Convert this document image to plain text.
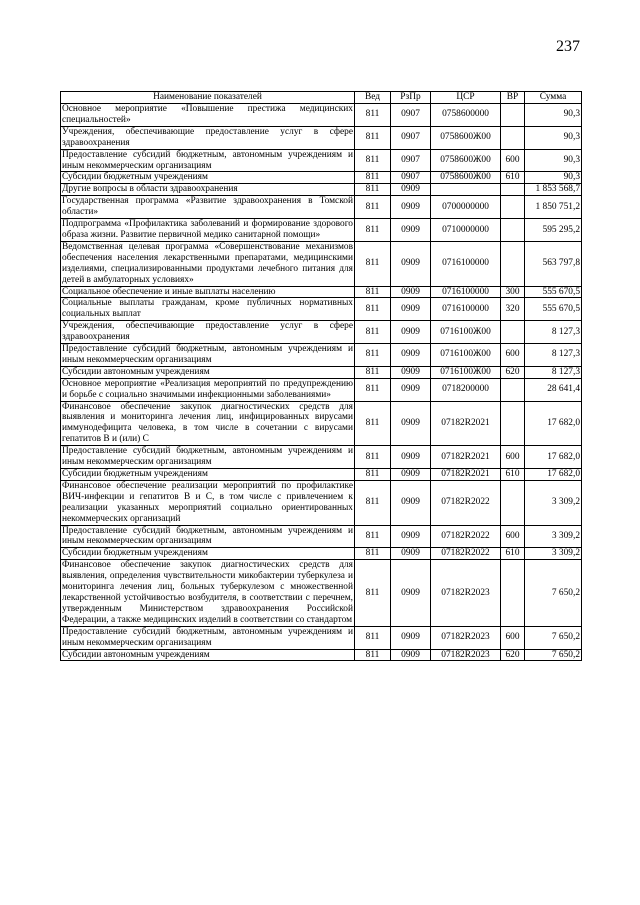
237
Наименование показателей	Вед	РзПр	ЦСР	ВР	Сумма
Основное мероприятие «Повышение престижа медицинских специальностей»	811	0907	0758600000		90,3
Учреждения, обеспечивающие предоставление услуг в сфере здравоохранения	811	0907	0758600Ж00		90,3
Предоставление субсидий бюджетным, автономным учреждениям и иным некоммерческим организациям	811	0907	0758600Ж00	600	90,3
Субсидии бюджетным учреждениям	811	0907	0758600Ж00	610	90,3
Другие вопросы в области здравоохранения	811	0909			1 853 568,7
Государственная программа «Развитие здравоохранения в Томской области»	811	0909	0700000000		1 850 751,2
Подпрограмма «Профилактика заболеваний и формирование здорового образа жизни. Развитие первичной медико санитарной помощи»	811	0909	0710000000		595 295,2
Ведомственная целевая программа «Совершенствование механизмов обеспечения населения лекарственными препаратами, медицинскими изделиями, специализированными продуктами лечебного питания для детей в амбулаторных условиях»	811	0909	0716100000		563 797,8
Социальное обеспечение и иные выплаты населению	811	0909	0716100000	300	555 670,5
Социальные выплаты гражданам, кроме публичных нормативных социальных выплат	811	0909	0716100000	320	555 670,5
Учреждения, обеспечивающие предоставление услуг в сфере здравоохранения	811	0909	0716100Ж00		8 127,3
Предоставление субсидий бюджетным, автономным учреждениям и иным некоммерческим организациям	811	0909	0716100Ж00	600	8 127,3
Субсидии автономным учреждениям	811	0909	0716100Ж00	620	8 127,3
Основное мероприятие «Реализация мероприятий по предупреждению и борьбе с социально значимыми инфекционными заболеваниями»	811	0909	0718200000		28 641,4
Финансовое обеспечение закупок диагностических средств для выявления и мониторинга лечения лиц, инфицированных вирусами иммунодефицита человека, в том числе в сочетании с вирусами гепатитов В и (или) С	811	0909	07182R2021		17 682,0
Предоставление субсидий бюджетным, автономным учреждениям и иным некоммерческим организациям	811	0909	07182R2021	600	17 682,0
Субсидии бюджетным учреждениям	811	0909	07182R2021	610	17 682,0
Финансовое обеспечение реализации мероприятий по профилактике ВИЧ-инфекции и гепатитов В и С, в том числе с привлечением к реализации указанных мероприятий социально ориентированных некоммерческих организаций	811	0909	07182R2022		3 309,2
Предоставление субсидий бюджетным, автономным учреждениям и иным некоммерческим организациям	811	0909	07182R2022	600	3 309,2
Субсидии бюджетным учреждениям	811	0909	07182R2022	610	3 309,2
Финансовое обеспечение закупок диагностических средств для выявления, определения чувствительности микобактерии туберкулеза и мониторинга лечения лиц, больных туберкулезом с множественной лекарственной устойчивостью возбудителя, в соответствии с перечнем, утвержденным Министерством здравоохранения Российской Федерации, а также медицинских изделий в соответствии со стандартом	811	0909	07182R2023		7 650,2
Предоставление субсидий бюджетным, автономным учреждениям и иным некоммерческим организациям	811	0909	07182R2023	600	7 650,2
Субсидии автономным учреждениям	811	0909	07182R2023	620	7 650,2
